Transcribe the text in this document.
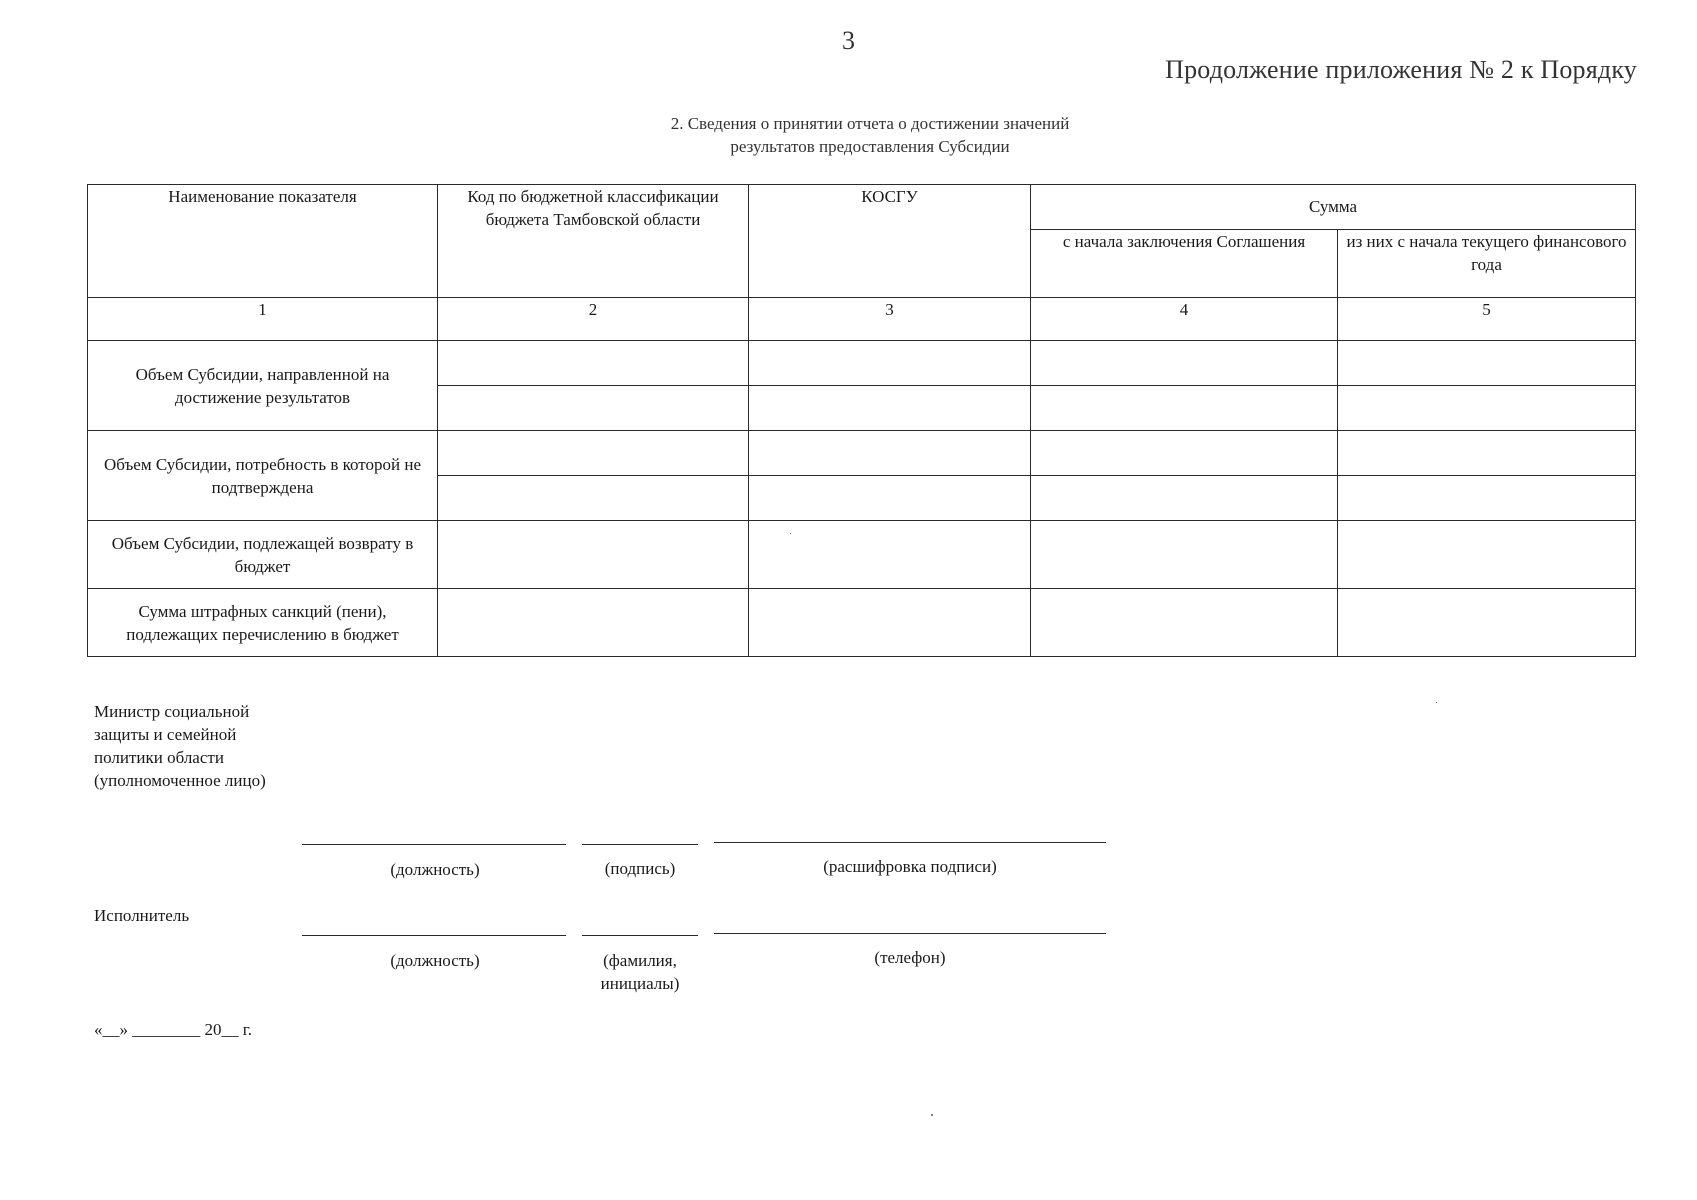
3
Продолжение приложения № 2 к Порядку
2. Сведения о принятии отчета о достижении значений
результатов предоставления Субсидии
Наименование показателя	Код по бюджетной классификации бюджета Тамбовской области	КОСГУ	Сумма	
			с начала заключения Соглашения	из них с начала текущего финансового года
1	2	3	4	5
Объем Субсидии, направленной на достижение результатов				

Объем Субсидии, потребность в которой не подтверждена				

Объем Субсидии, подлежащей возврату в бюджет				
Сумма штрафных санкций (пени), подлежащих перечислению в бюджет				
Министр социальной защиты и семейной политики области (уполномоченное лицо)
(должность)	(подпись)	(расшифровка подписи)
Исполнитель
(должность)	(фамилия, инициалы)
(телефон)
«__» ________ 20__ г.
